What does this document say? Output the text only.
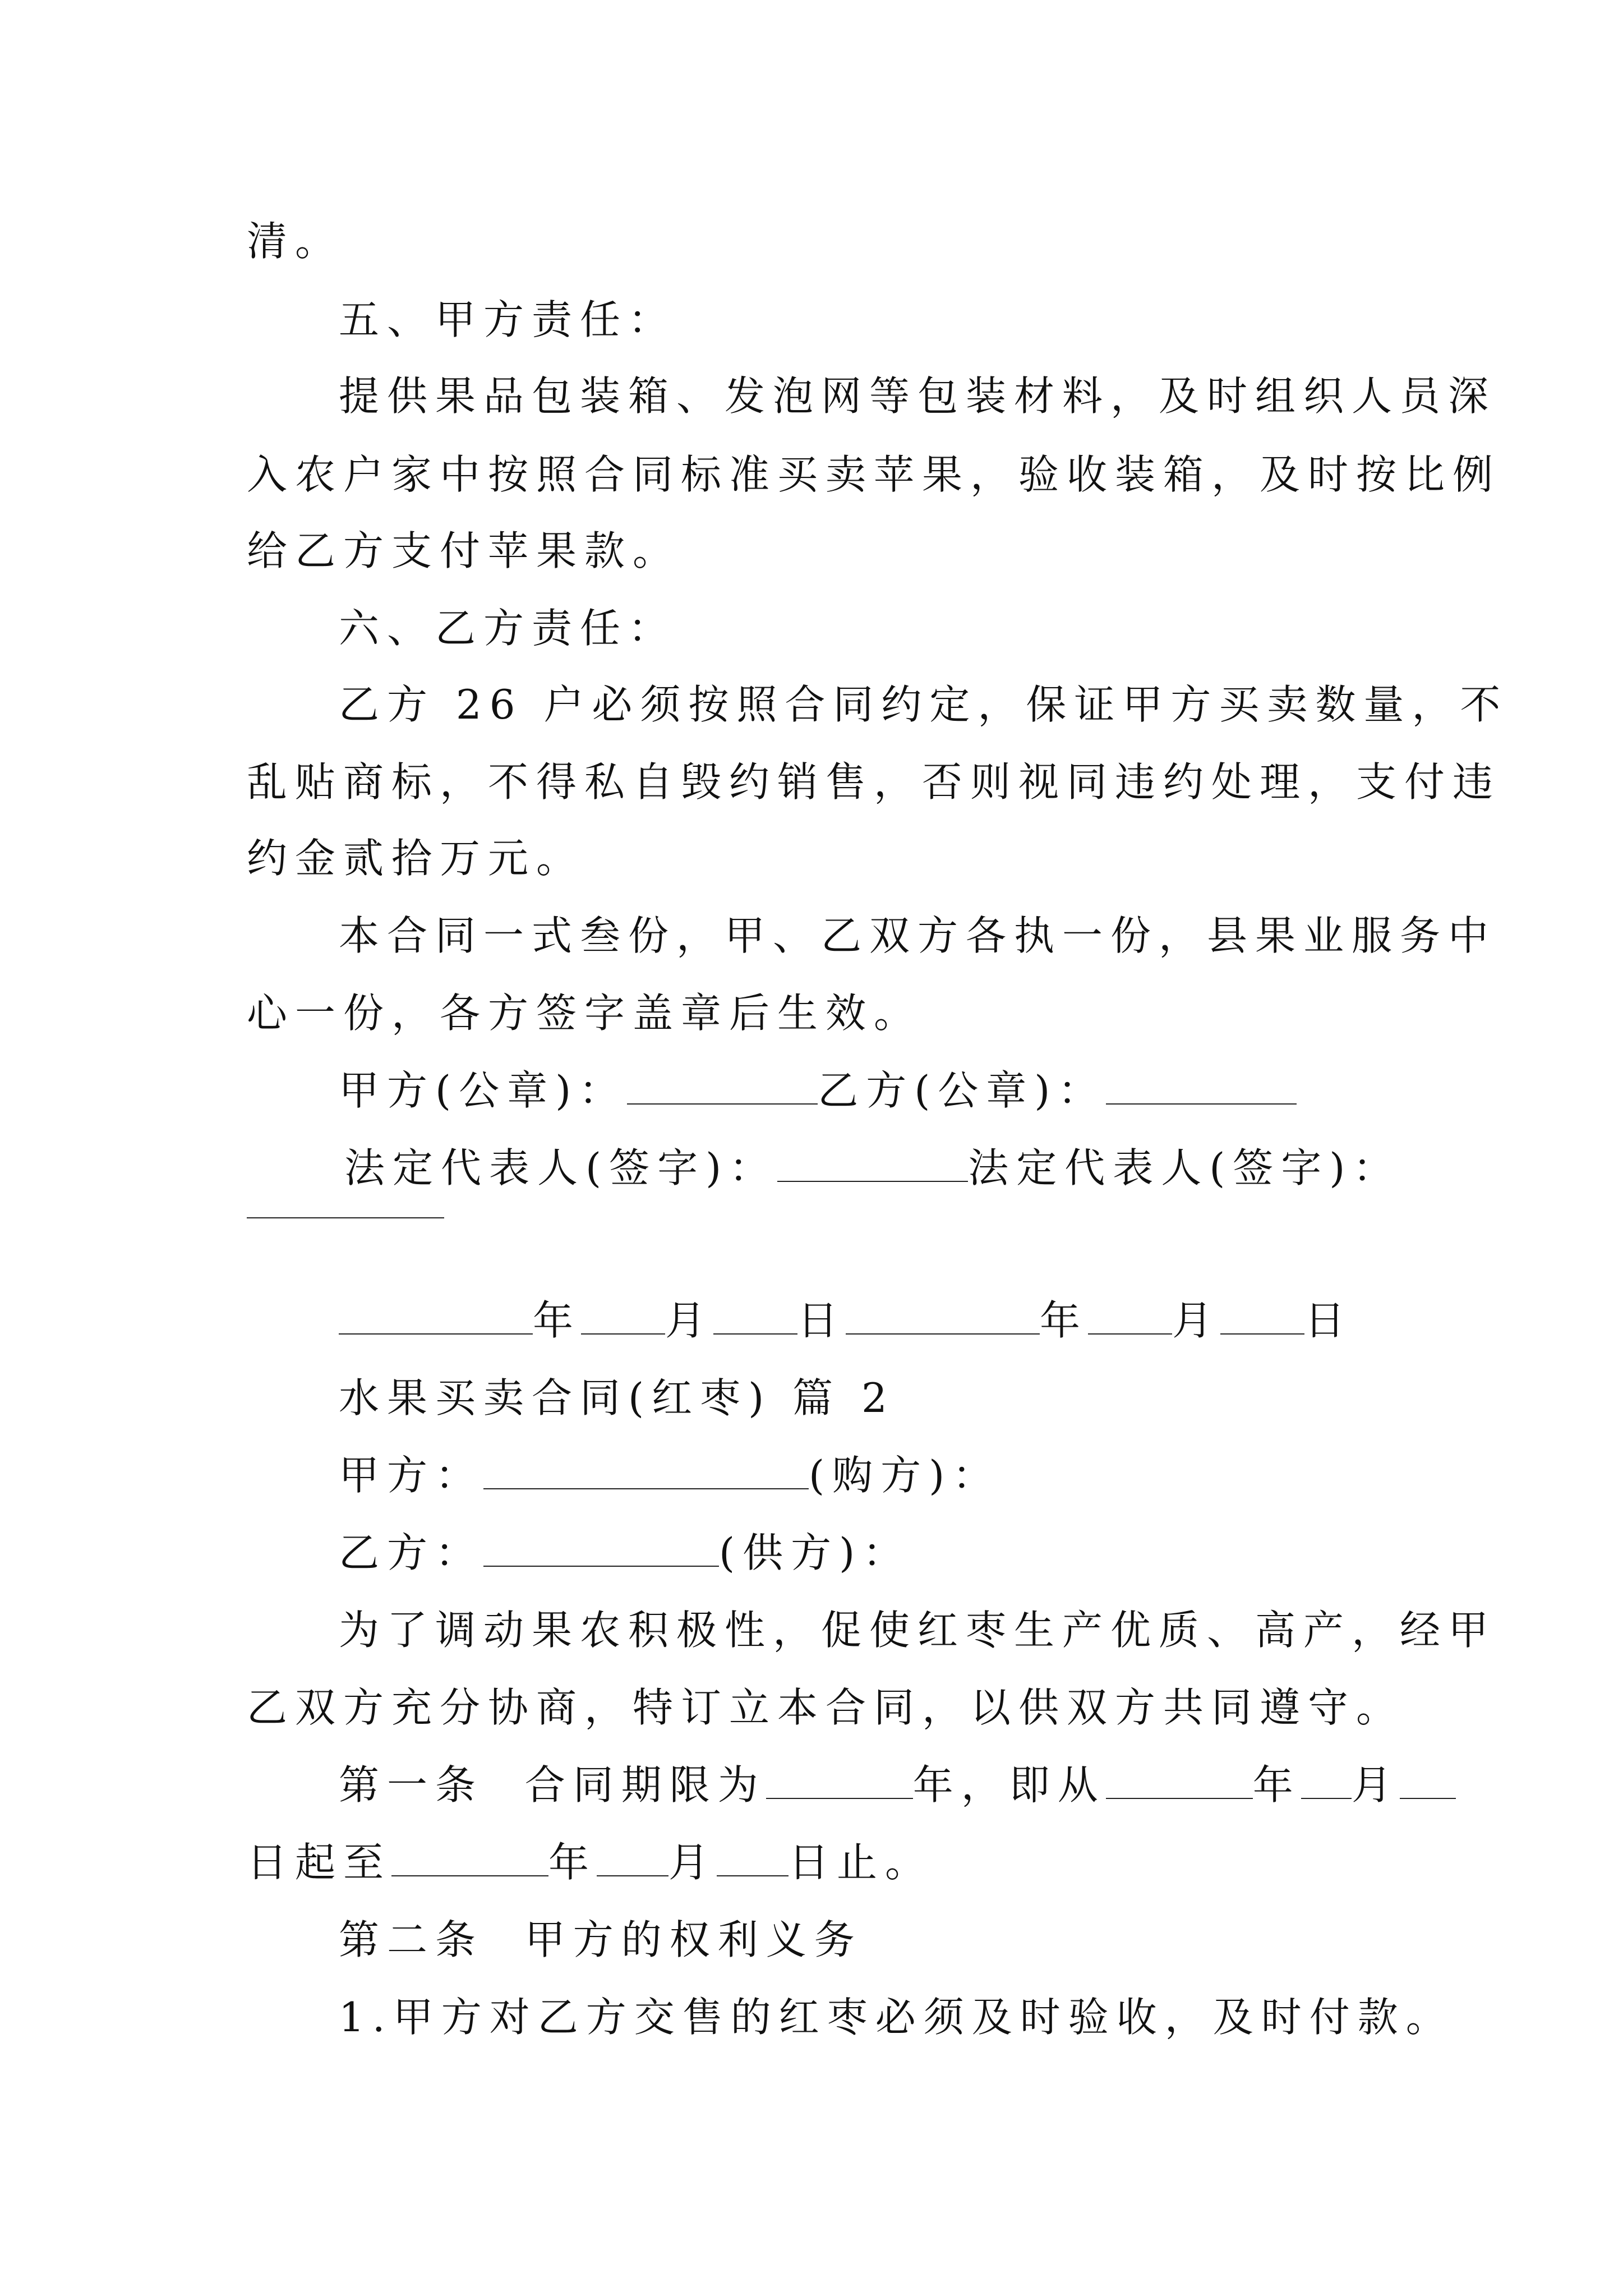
清。
五、甲方责任：
提供果品包装箱、发泡网等包装材料，及时组织人员深
入农户家中按照合同标准买卖苹果，验收装箱，及时按比例
给乙方支付苹果款。
六、乙方责任：
乙方 26 户必须按照合同约定，保证甲方买卖数量，不
乱贴商标，不得私自毁约销售，否则视同违约处理，支付违
约金贰拾万元。
本合同一式叁份，甲、乙双方各执一份，县果业服务中
心一份，各方签字盖章后生效。
甲方(公章)：	乙方(公章)：
法定代表人(签字)：	法定代表人(签字)：
年 月 日	年 月 日
水果买卖合同(红枣) 篇 2
甲方：	(购方)：
乙方：	(供方)：
为了调动果农积极性，促使红枣生产优质、高产，经甲
乙双方充分协商，特订立本合同，以供双方共同遵守。
第一条  合同期限为	年，即从	年 月
日起至	年 月 日止。
第二条  甲方的权利义务
1.甲方对乙方交售的红枣必须及时验收，及时付款。
